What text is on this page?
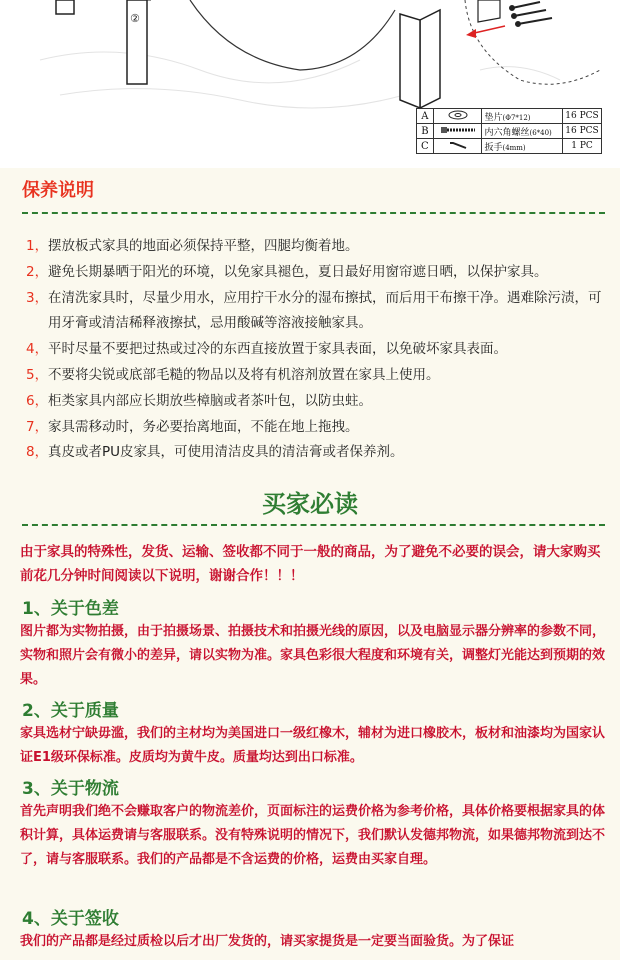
②
A		垫片(Φ7*12)	16 PCS
B		内六角螺丝(6*40)	16 PCS
C		扳手(4mm)	1 PC
保养说明
1， 摆放板式家具的地面必须保持平整，四腿均衡着地。
2， 避免长期暴晒于阳光的环境，以免家具褪色，夏日最好用窗帘遮日晒，以保护家具。
3， 在清洗家具时，尽量少用水，应用拧干水分的湿布擦拭，而后用干布擦干净。遇难除污渍，可用牙膏或清洁稀释液擦拭，忌用酸碱等溶液接触家具。
4， 平时尽量不要把过热或过冷的东西直接放置于家具表面，以免破坏家具表面。
5， 不要将尖锐或底部毛糙的物品以及将有机溶剂放置在家具上使用。
6， 柜类家具内部应长期放些樟脑或者茶叶包，以防虫蛀。
7， 家具需移动时，务必要抬离地面，不能在地上拖拽。
8， 真皮或者PU皮家具，可使用清洁皮具的清洁膏或者保养剂。
买家必读
由于家具的特殊性，发货、运输、签收都不同于一般的商品，为了避免不必要的误会，请大家购买前花几分钟时间阅读以下说明，谢谢合作！！！
1、关于色差
图片都为实物拍摄，由于拍摄场景、拍摄技术和拍摄光线的原因，以及电脑显示器分辨率的参数不同，实物和照片会有微小的差异，请以实物为准。家具色彩很大程度和环境有关，调整灯光能达到预期的效果。
2、关于质量
家具选材宁缺毋滥，我们的主材均为美国进口一级红橡木，辅材为进口橡胶木，板材和油漆均为国家认证E1级环保标准。皮质均为黄牛皮。质量均达到出口标准。
3、关于物流
首先声明我们绝不会赚取客户的物流差价，页面标注的运费价格为参考价格，具体价格要根据家具的体积计算，具体运费请与客服联系。没有特殊说明的情况下，我们默认发德邦物流，如果德邦物流到达不了，请与客服联系。我们的产品都是不含运费的价格，运费由买家自理。
4、关于签收
我们的产品都是经过质检以后才出厂发货的，请买家提货是一定要当面验货。为了保证
